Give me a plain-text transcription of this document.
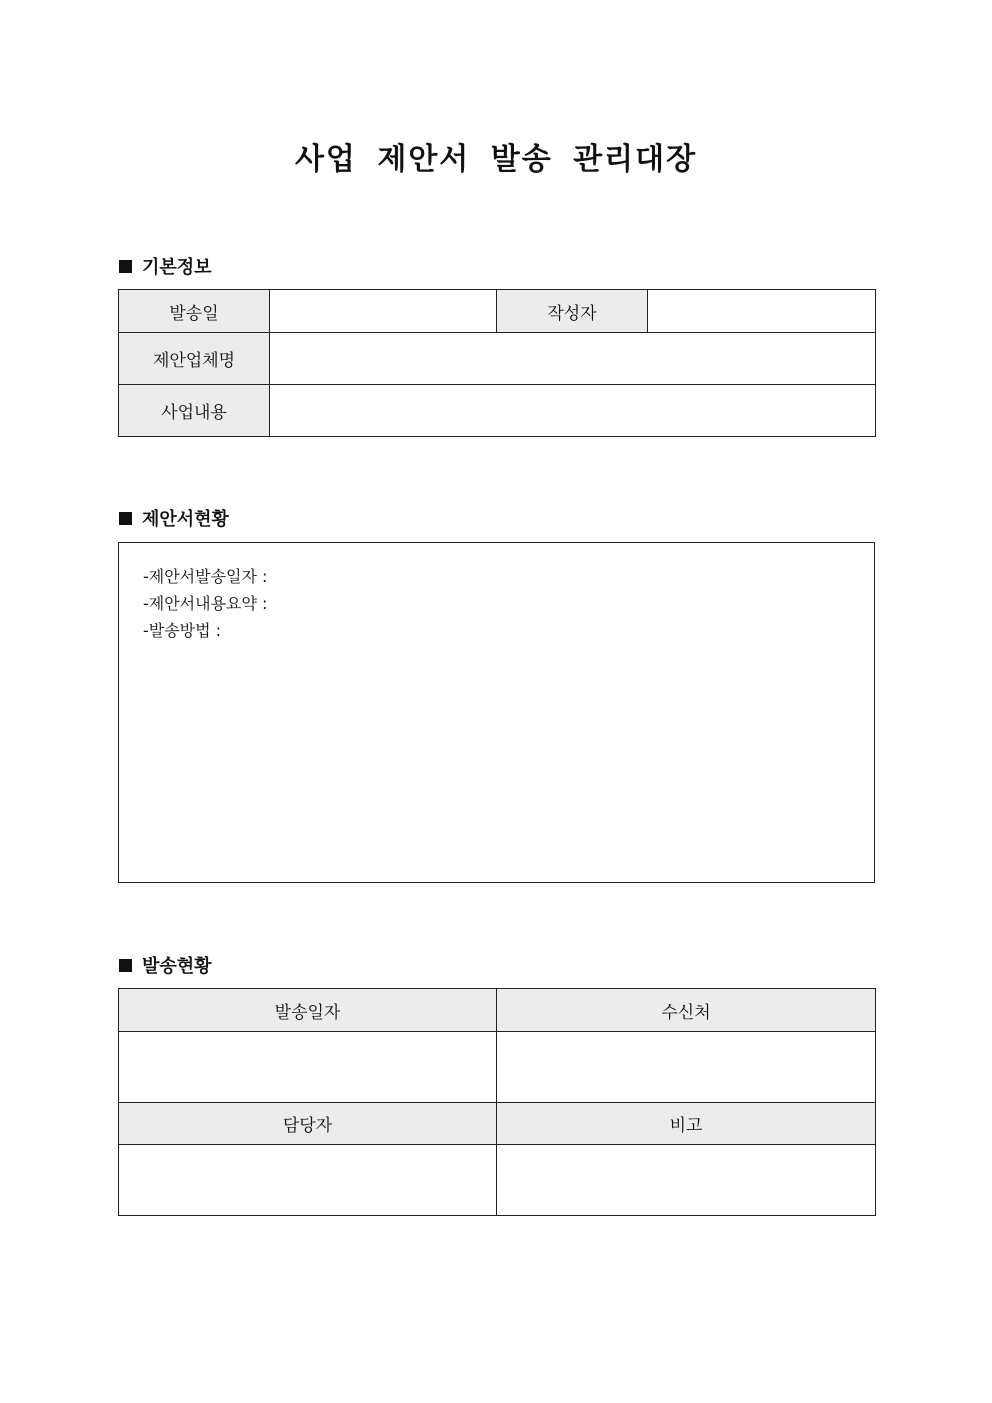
사업 제안서 발송 관리대장
기본정보
발송일		작성자	
제안업체명			
사업내용			
제안서현황
-제안서발송일자 :
-제안서내용요약 :
-발송방법 :
발송현황
발송일자	수신처

담당자	비고
